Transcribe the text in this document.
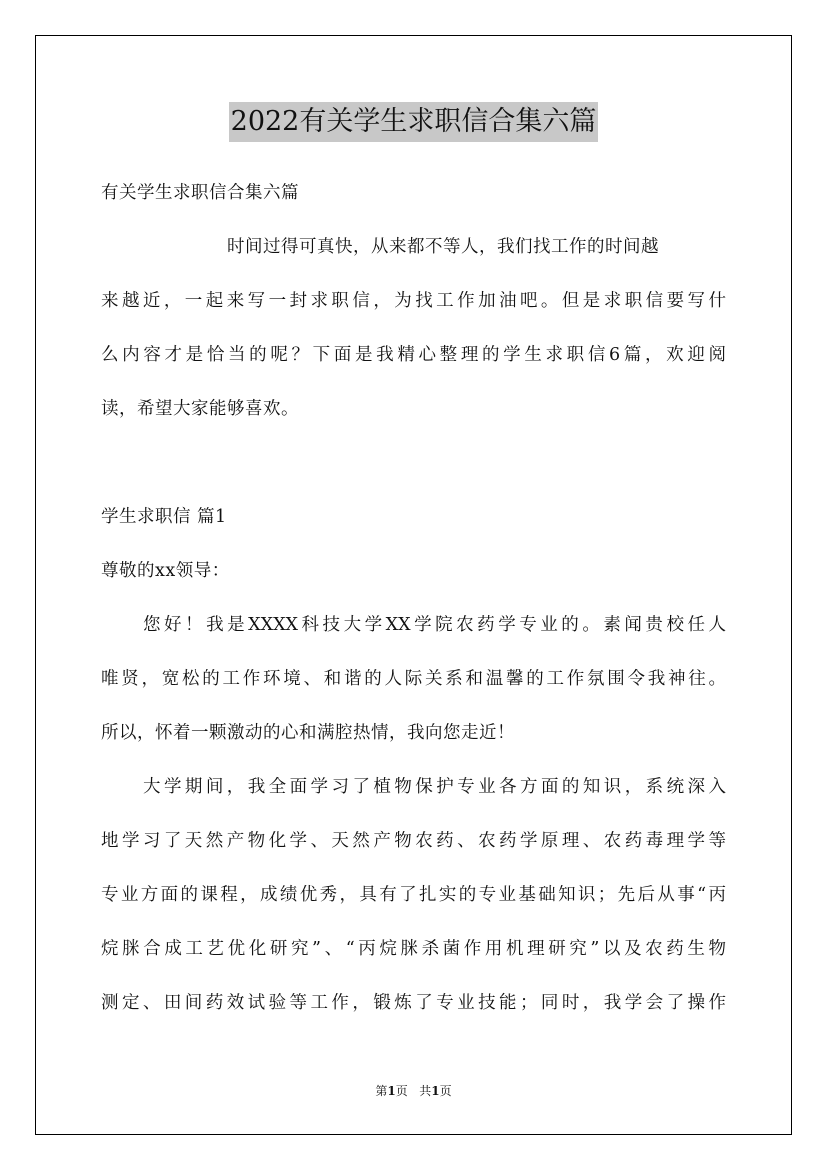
2022有关学生求职信合集六篇
有关学生求职信合集六篇
时间过得可真快，从来都不等人，我们找工作的时间越
来越近，一起来写一封求职信，为找工作加油吧。但是求职信要写什
么内容才是恰当的呢？下面是我精心整理的学生求职信6篇，欢迎阅
读，希望大家能够喜欢。
学生求职信 篇1
尊敬的xx领导：
您好！我是XXXX科技大学XX学院农药学专业的。素闻贵校任人
唯贤，宽松的工作环境、和谐的人际关系和温馨的工作氛围令我神往。
所以，怀着一颗激动的心和满腔热情，我向您走近！
大学期间，我全面学习了植物保护专业各方面的知识，系统深入
地学习了天然产物化学、天然产物农药、农药学原理、农药毒理学等
专业方面的课程，成绩优秀，具有了扎实的专业基础知识；先后从事“丙
烷脒合成工艺优化研究”、“丙烷脒杀菌作用机理研究”以及农药生物
测定、田间药效试验等工作，锻炼了专业技能；同时，我学会了操作
第1页 共1页
